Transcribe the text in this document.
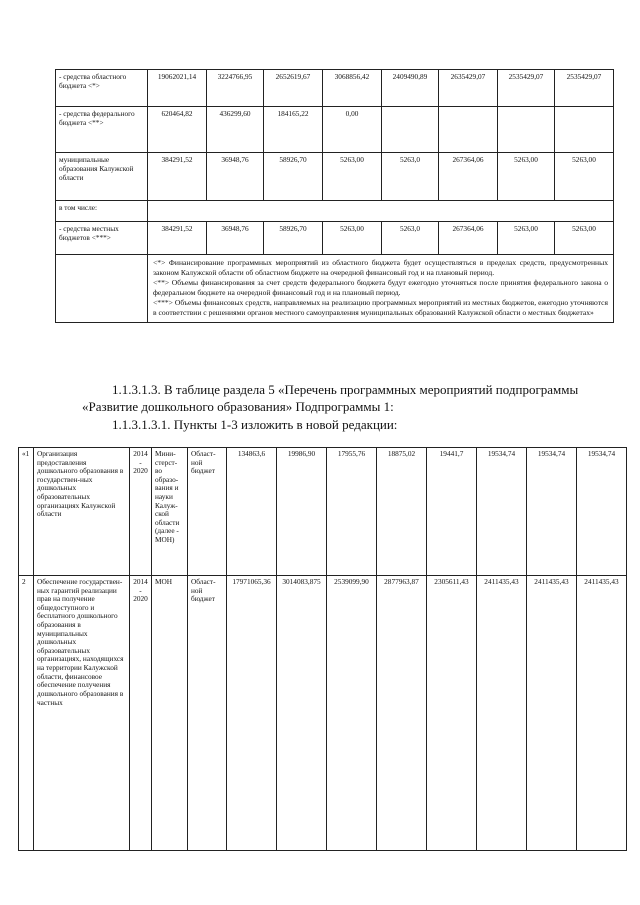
- средства областного бюджета <*>	19062021,14	3224766,95	2652619,67	3068856,42	2409490,89	2635429,07	2535429,07	2535429,07
- средства федерального бюджета <**>	620464,82	436299,60	184165,22	0,00				
муниципальные образования Калужской области	384291,52	36948,76	58926,70	5263,00	5263,0	267364,06	5263,00	5263,00
в том числе:								
- средства местных бюджетов <***>	384291,52	36948,76	58926,70	5263,00	5263,0	267364,06	5263,00	5263,00

	<*> Финансирование программных мероприятий из областного бюджета будет осуществляться в пределах средств, предусмотренных законом Калужской области об областном бюджете на очередной финансовый год и на плановый период.

<**> Объемы финансирования за счет средств федерального бюджета будут ежегодно уточняться после принятия федерального закона о федеральном бюджете на очередной финансовый год и на плановый период.

<***> Объемы финансовых средств, направляемых на реализацию программных мероприятий из местных бюджетов, ежегодно уточняются в соответствии с решениями органов местного самоуправления муниципальных образований Калужской области о местных бюджетах»							

1.1.3.1.3. В таблице раздела 5 «Перечень программных мероприятий подпрограммы

«Развитие дошкольного образования» Подпрограммы 1:

1.1.3.1.3.1. Пункты 1-3 изложить в новой редакции:

«1	Организация предоставления дошкольного образования в государствен-ных дошкольных образовательных организациях Калужской области	2014 - 2020	Мини-стерст-во образо-вания и науки Калуж-ской области (далее - МОН)	Област-ной бюджет	134863,6	19986,90	17955,76	18875,02	19441,7	19534,74	19534,74	19534,74
2	Обеспечение государствен-ных гарантий реализации прав на получение общедоступного и бесплатного дошкольного образования в муниципальных дошкольных образовательных организациях, находящихся на территории Калужской области, финансовое обеспечение получения дошкольного образования в частных	2014 - 2020	МОН	Област-ной бюджет	17971065,36	3014083,875	2539099,90	2877963,87	2305611,43	2411435,43	2411435,43	2411435,43
